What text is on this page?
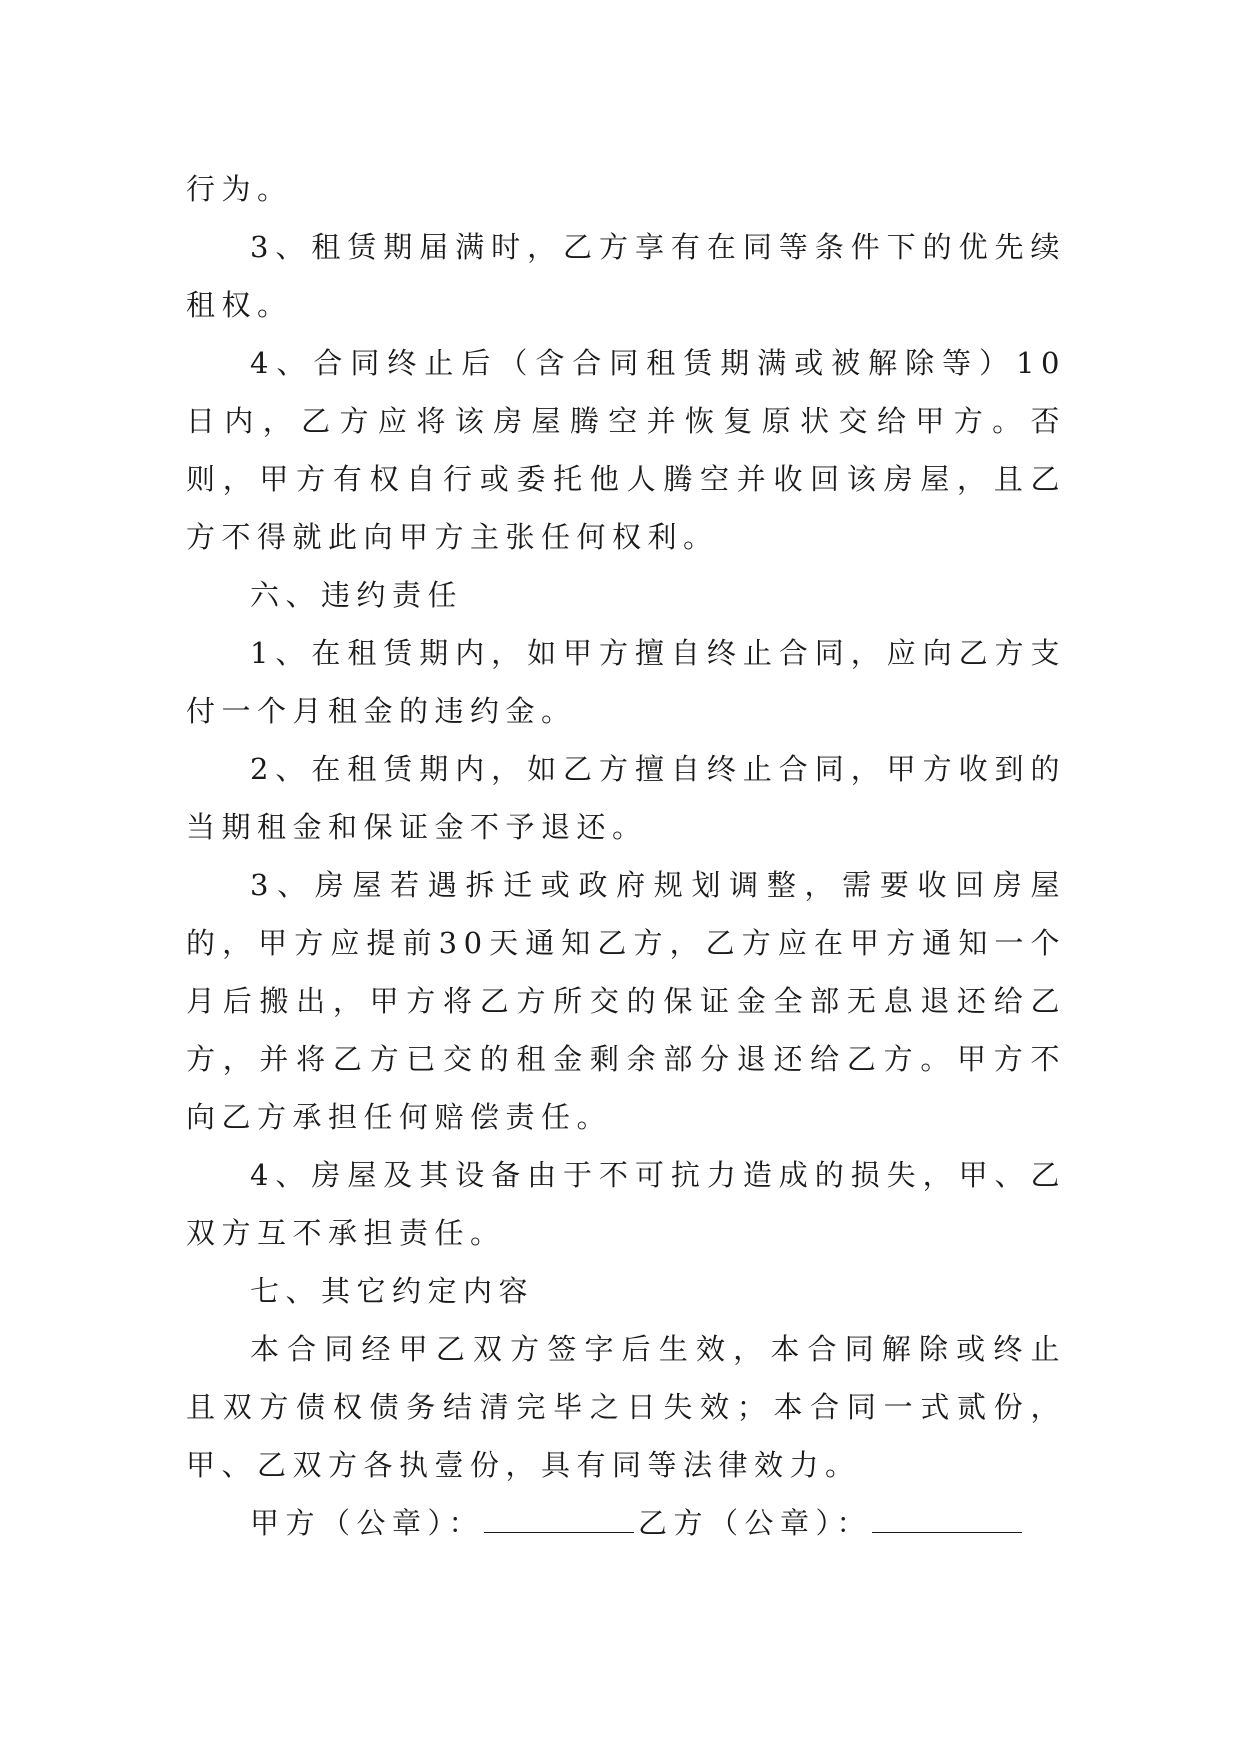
行为。

3、租赁期届满时，乙方享有在同等条件下的优先续租权。

4、合同终止后（含合同租赁期满或被解除等）10日内，乙方应将该房屋腾空并恢复原状交给甲方。否则，甲方有权自行或委托他人腾空并收回该房屋，且乙方不得就此向甲方主张任何权利。

六、违约责任

1、在租赁期内，如甲方擅自终止合同，应向乙方支付一个月租金的违约金。

2、在租赁期内，如乙方擅自终止合同，甲方收到的当期租金和保证金不予退还。

3、房屋若遇拆迁或政府规划调整，需要收回房屋的，甲方应提前30天通知乙方，乙方应在甲方通知一个月后搬出，甲方将乙方所交的保证金全部无息退还给乙方，并将乙方已交的租金剩余部分退还给乙方。甲方不向乙方承担任何赔偿责任。

4、房屋及其设备由于不可抗力造成的损失，甲、乙双方互不承担责任。

七、其它约定内容

本合同经甲乙双方签字后生效，本合同解除或终止且双方债权债务结清完毕之日失效；本合同一式贰份，甲、乙双方各执壹份，具有同等法律效力。

甲方（公章）：	乙方（公章）：
